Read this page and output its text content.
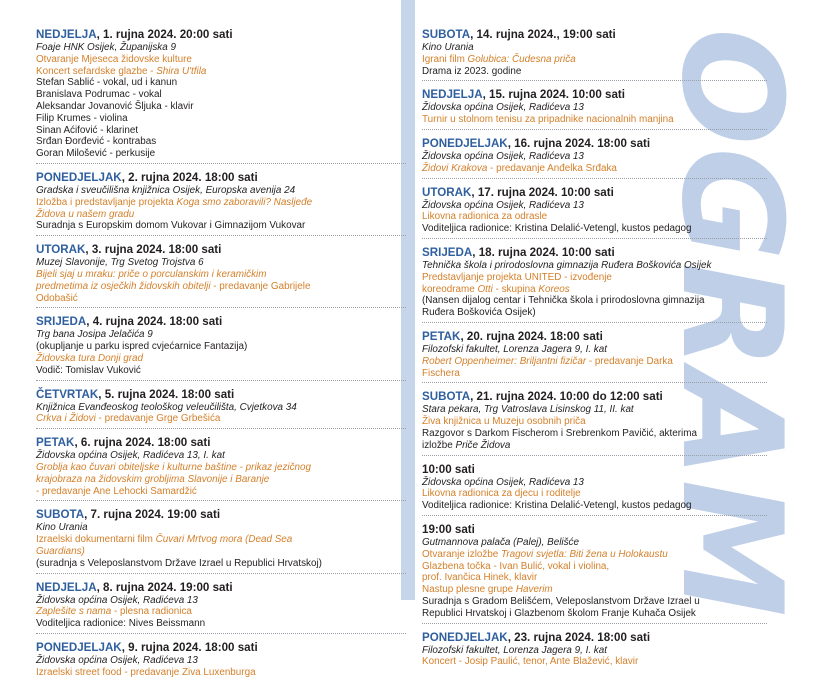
OGRAM
NEDJELJA, 1. rujna 2024. 20:00 sati
Foaje HNK Osijek, Županijska 9
Otvaranje Mjeseca židovske kulture
Koncert sefardske glazbe - Shira U'tfila
Stefan Sablić - vokal, ud i kanun
Branislava Podrumac - vokal
Aleksandar Jovanović Šljuka - klavir
Filip Krumes - violina
Sinan Aćifović - klarinet
Srđan Đorđević - kontrabas
Goran Milošević - perkusije
PONEDJELJAK, 2. rujna 2024. 18:00 sati
Gradska i sveučilišna knjižnica Osijek, Europska avenija 24
Izložba i predstavljanje projekta Koga smo zaboravili? Nasljeđe
Židova u našem gradu
Suradnja s Europskim domom Vukovar i Gimnazijom Vukovar
UTORAK, 3. rujna 2024. 18:00 sati
Muzej Slavonije, Trg Svetog Trojstva 6
Bijeli sjaj u mraku: priče o porculanskim i keramičkim
predmetima iz osječkih židovskih obitelji - predavanje Gabrijele
Odobašić
SRIJEDA, 4. rujna 2024. 18:00 sati
Trg bana Josipa Jelačića 9
(okupljanje u parku ispred cvjećarnice Fantazija)
Židovska tura Donji grad
Vodič: Tomislav Vuković
ČETVRTAK, 5. rujna 2024. 18:00 sati
Knjižnica Evanđeoskog teološkog veleučilišta, Cvjetkova 34
Crkva i Židovi - predavanje Grge Grbešića
PETAK, 6. rujna 2024. 18:00 sati
Židovska općina Osijek, Radićeva 13, I. kat
Groblja kao čuvari obiteljske i kulturne baštine - prikaz jezičnog
krajobraza na židovskim grobljima Slavonije i Baranje
- predavanje Ane Lehocki Samardžić
SUBOTA, 7. rujna 2024. 19:00 sati
Kino Urania
Izraelski dokumentarni film Čuvari Mrtvog mora (Dead Sea
Guardians)
(suradnja s Veleposlanstvom Države Izrael u Republici Hrvatskoj)
NEDJELJA, 8. rujna 2024. 19:00 sati
Židovska općina Osijek, Radićeva 13
Zaplešite s nama - plesna radionica
Voditeljica radionice: Nives Beissmann
PONEDJELJAK, 9. rujna 2024. 18:00 sati
Židovska općina Osijek, Radićeva 13
Izraelski street food - predavanje Ziva Luxenburga
SUBOTA, 14. rujna 2024., 19:00 sati
Kino Urania
Igrani film Golubica: Čudesna priča
Drama iz 2023. godine
NEDJELJA, 15. rujna 2024. 10:00 sati
Židovska općina Osijek, Radićeva 13
Turnir u stolnom tenisu za pripadnike nacionalnih manjina
PONEDJELJAK, 16. rujna 2024. 18:00 sati
Židovska općina Osijek, Radićeva 13
Židovi Krakova - predavanje Anđelka Srđaka
UTORAK, 17. rujna 2024. 10:00 sati
Židovska općina Osijek, Radićeva 13
Likovna radionica za odrasle
Voditeljica radionice: Kristina Delalić-Vetengl, kustos pedagog
SRIJEDA, 18. rujna 2024. 10:00 sati
Tehnička škola i prirodoslovna gimnazija Ruđera Boškovića Osijek
Predstavljanje projekta UNITED - izvođenje
koreodrame Otti - skupina Koreos
(Nansen dijalog centar i Tehnička škola i prirodoslovna gimnazija
Ruđera Boškovića Osijek)
PETAK, 20. rujna 2024. 18:00 sati
Filozofski fakultet, Lorenza Jagera 9, I. kat
Robert Oppenheimer: Briljantni fizičar - predavanje Darka
Fischera
SUBOTA, 21. rujna 2024. 10:00 do 12:00 sati
Stara pekara, Trg Vatroslava Lisinskog 11, II. kat
Živa knjižnica u Muzeju osobnih priča
Razgovor s Darkom Fischerom i Srebrenkom Pavičić, akterima
izložbe Priče Židova
10:00 sati
Židovska općina Osijek, Radićeva 13
Likovna radionica za djecu i roditelje
Voditeljica radionice: Kristina Delalić-Vetengl, kustos pedagog
19:00 sati
Gutmannova palača (Palej), Belišće
Otvaranje izložbe Tragovi svjetla: Biti žena u Holokaustu
Glazbena točka - Ivan Bulić, vokal i violina,
prof. Ivančica Hinek, klavir
Nastup plesne grupe Haverim
Suradnja s Gradom Belišćem, Veleposlanstvom Države Izrael u
Republici Hrvatskoj i Glazbenom školom Franje Kuhača Osijek
PONEDJELJAK, 23. rujna 2024. 18:00 sati
Filozofski fakultet, Lorenza Jagera 9, I. kat
Koncert - Josip Paulić, tenor, Ante Blažević, klavir
